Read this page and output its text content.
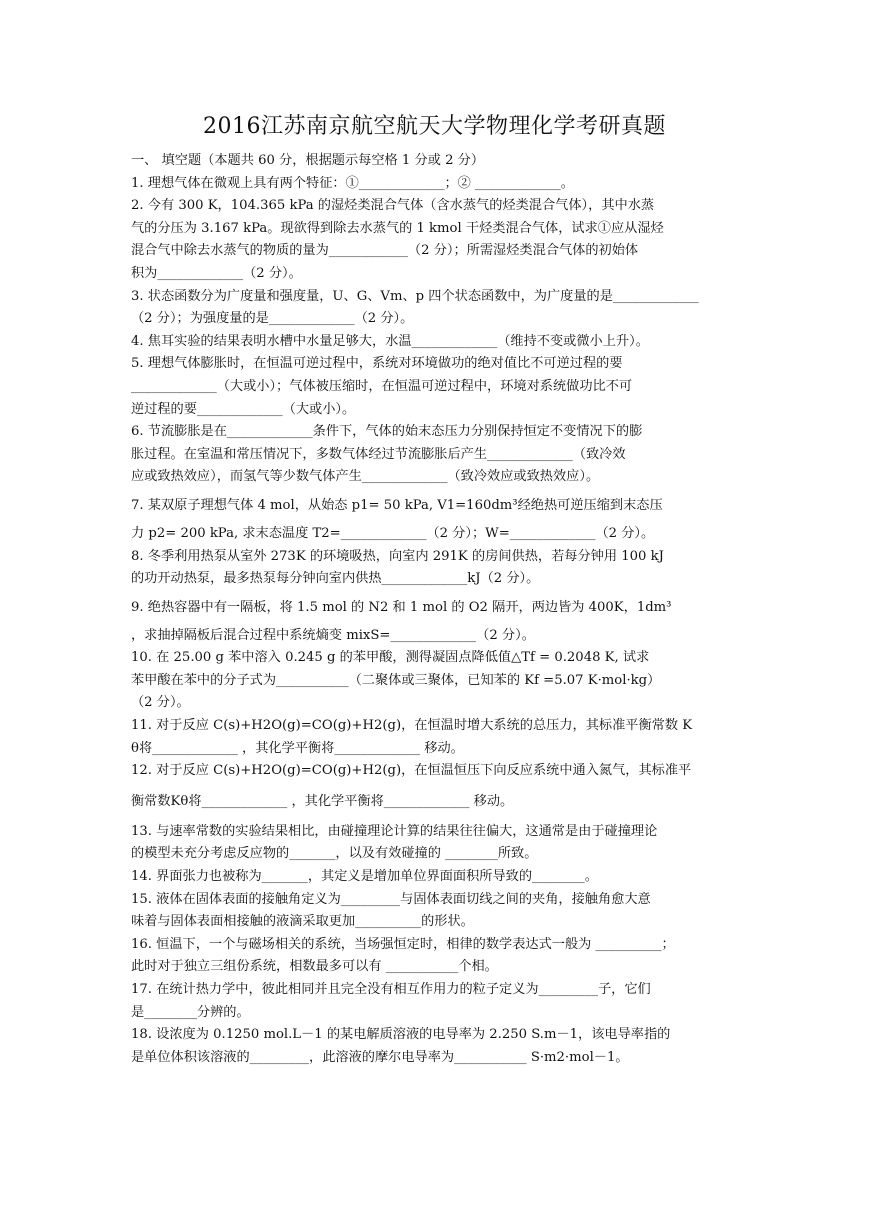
2016江苏南京航空航天大学物理化学考研真题
一、 填空题（本题共 60 分，根据题示每空格 1 分或 2 分）
1. 理想气体在微观上具有两个特征：①_____________；② _____________。
2. 今有 300 K，104.365 kPa 的湿烃类混合气体（含水蒸气的烃类混合气体），其中水蒸
气的分压为 3.167 kPa。现欲得到除去水蒸气的 1 kmol 干烃类混合气体，试求①应从湿烃
混合气中除去水蒸气的物质的量为____________（2 分）；所需湿烃类混合气体的初始体
积为_____________（2 分）。
3. 状态函数分为广度量和强度量，U、G、Vm、p 四个状态函数中，为广度量的是_____________
（2 分）；为强度量的是_____________（2 分）。
4. 焦耳实验的结果表明水槽中水量足够大，水温_____________（维持不变或微小上升）。
5. 理想气体膨胀时，在恒温可逆过程中，系统对环境做功的绝对值比不可逆过程的要
_____________（大或小）；气体被压缩时，在恒温可逆过程中，环境对系统做功比不可
逆过程的要_____________（大或小）。
6. 节流膨胀是在_____________条件下，气体的始末态压力分别保持恒定不变情况下的膨
胀过程。在室温和常压情况下，多数气体经过节流膨胀后产生_____________（致冷效
应或致热效应），而氢气等少数气体产生_____________（致冷效应或致热效应）。
7. 某双原子理想气体 4 mol，从始态 p1= 50 kPa, V1=160dm³经绝热可逆压缩到末态压
力 p2= 200 kPa, 求末态温度 T2=_____________（2 分）；W=_____________（2 分）。
8. 冬季利用热泵从室外 273K 的环境吸热，向室内 291K 的房间供热，若每分钟用 100 kJ
的功开动热泵，最多热泵每分钟向室内供热_____________kJ（2 分）。
9. 绝热容器中有一隔板，将 1.5 mol 的 N2 和 1 mol 的 O2 隔开，两边皆为 400K，1dm³
，求抽掉隔板后混合过程中系统熵变 mixS=_____________（2 分）。
10. 在 25.00 g 苯中溶入 0.245 g 的苯甲酸，测得凝固点降低值△Tf = 0.2048 K, 试求
苯甲酸在苯中的分子式为___________（二聚体或三聚体，已知苯的 Kf =5.07 K·mol·kg）
（2 分）。
11. 对于反应 C(s)+H2O(g)=CO(g)+H2(g)，在恒温时增大系统的总压力，其标准平衡常数 K
θ将_____________ ，其化学平衡将_____________ 移动。
12. 对于反应 C(s)+H2O(g)=CO(g)+H2(g)，在恒温恒压下向反应系统中通入氮气，其标准平
衡常数Kθ将_____________ ，其化学平衡将_____________ 移动。
13. 与速率常数的实验结果相比，由碰撞理论计算的结果往往偏大，这通常是由于碰撞理论
的模型未充分考虑反应物的_______，以及有效碰撞的 ________所致。
14. 界面张力也被称为_______，其定义是增加单位界面面积所导致的________。
15. 液体在固体表面的接触角定义为_________与固体表面切线之间的夹角，接触角愈大意
味着与固体表面相接触的液滴采取更加__________的形状。
16. 恒温下，一个与磁场相关的系统，当场强恒定时，相律的数学表达式一般为 __________；
此时对于独立三组份系统，相数最多可以有 ___________个相。
17. 在统计热力学中，彼此相同并且完全没有相互作用力的粒子定义为_________子，它们
是________分辨的。
18. 设浓度为 0.1250 mol.L－1 的某电解质溶液的电导率为 2.250 S.m－1，该电导率指的
是单位体积该溶液的_________，此溶液的摩尔电导率为___________ S·m2·mol－1。
